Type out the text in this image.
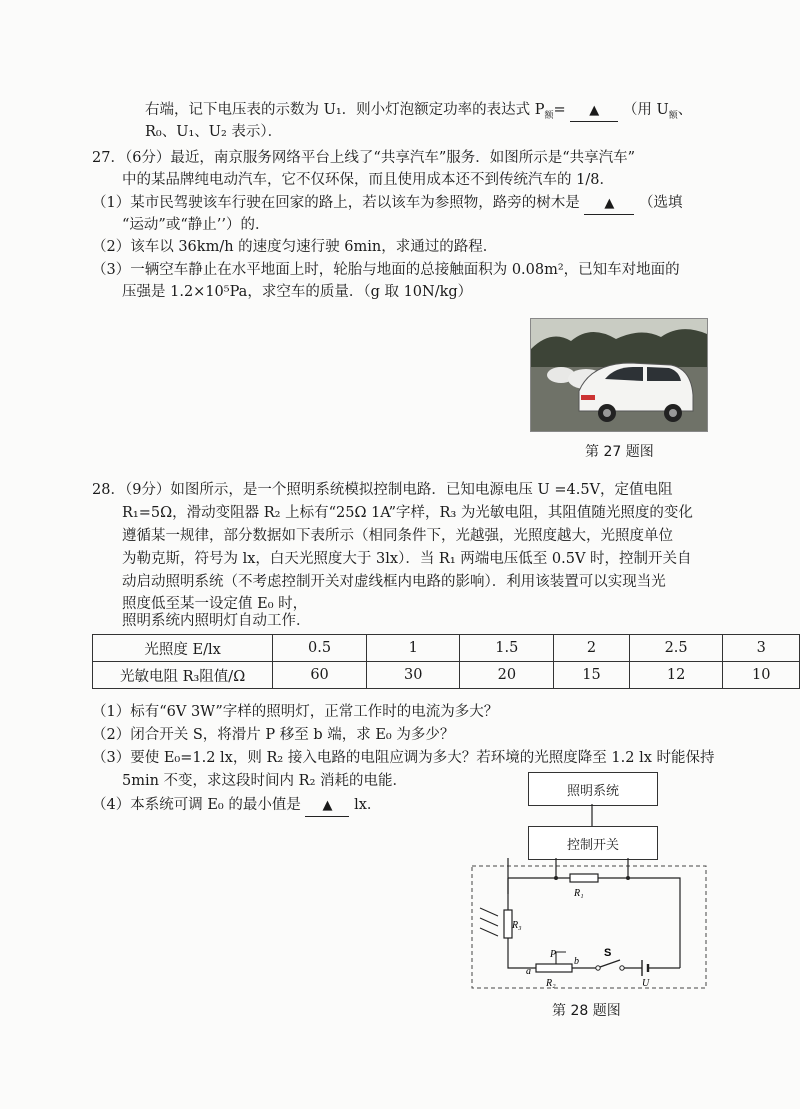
右端，记下电压表的示数为 U₁．则小灯泡额定功率的表达式 $P_额=$ ▲ （用 $U_额$、
R₀、U₁、U₂ 表示）．
27．（6分）最近，南京服务网络平台上线了“共享汽车”服务．如图所示是“共享汽车”
中的某品牌纯电动汽车，它不仅环保，而且使用成本还不到传统汽车的 1/8．
（1）某市民驾驶该车行驶在回家的路上，若以该车为参照物，路旁的树木是 ▲ （选填
“运动”或“静止’’）的．
（2）该车以 36km/h 的速度匀速行驶 6min，求通过的路程．
（3）一辆空车静止在水平地面上时，轮胎与地面的总接触面积为 0.08m²，已知车对地面的
压强是 1.2×10⁵Pa，求空车的质量．（g 取 10N/kg）
第 27 题图
28．（9分）如图所示，是一个照明系统模拟控制电路．已知电源电压 U =4.5V，定值电阻
R₁=5Ω，滑动变阻器 R₂ 上标有“25Ω 1A”字样，R₃ 为光敏电阻，其阻值随光照度的变化
遵循某一规律，部分数据如下表所示（相同条件下，光越强，光照度越大，光照度单位
为勒克斯，符号为 lx，白天光照度大于 3lx）．当 R₁ 两端电压低至 0.5V 时，控制开关自
动启动照明系统（不考虑控制开关对虚线框内电路的影响）．利用该装置可以实现当光
照度低至某一设定值 E₀ 时，
照明系统内照明灯自动工作．
光照度 E/lx	0.5	1	1.5	2	2.5	3
光敏电阻 R₃阻值/Ω	60	30	20	15	12	10
（1）标有“6V 3W”字样的照明灯，正常工作时的电流为多大？
（2）闭合开关 S，将滑片 P 移至 b 端，求 E₀ 为多少？
（3）要使 E₀=1.2 lx，则 R₂ 接入电路的电阻应调为多大？若环境的光照度降至 1.2 lx 时能保持
5min 不变，求这段时间内 R₂ 消耗的电能．
（4）本系统可调 E₀ 的最小值是 ▲ lx．
照明系统
控制开关
R₁
R₃
P
a
b
R₂
S
U
第 28 题图
